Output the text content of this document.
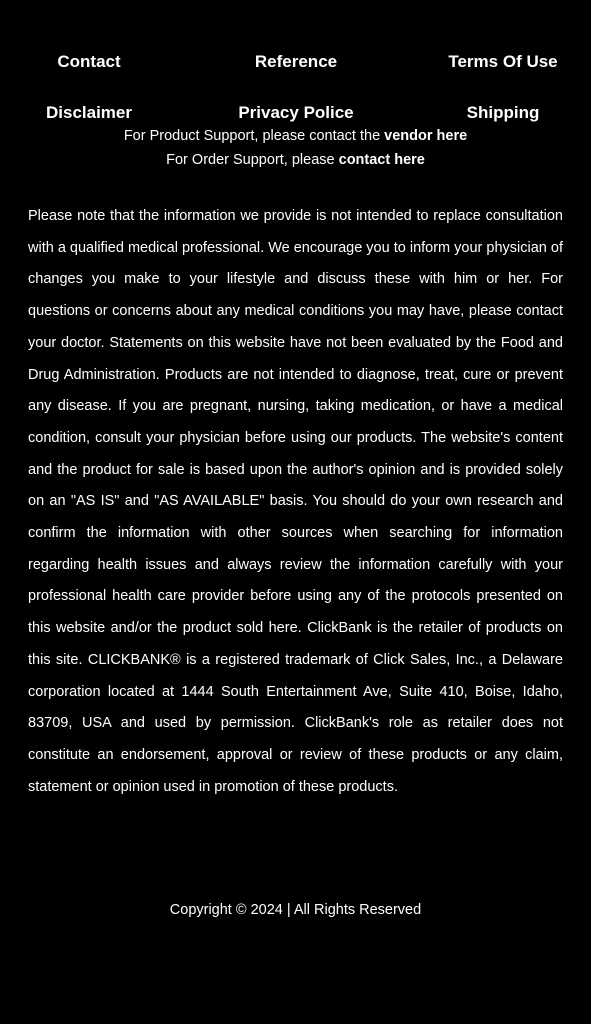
Contact	Reference	Terms Of Use
Disclaimer	Privacy Police	Shipping
For Product Support, please contact the vendor here
For Order Support, please contact here

Please note that the information we provide is not intended to replace consultation with a qualified medical professional. We encourage you to inform your physician of changes you make to your lifestyle and discuss these with him or her. For questions or concerns about any medical conditions you may have, please contact your doctor. Statements on this website have not been evaluated by the Food and Drug Administration. Products are not intended to diagnose, treat, cure or prevent any disease. If you are pregnant, nursing, taking medication, or have a medical condition, consult your physician before using our products. The website's content and the product for sale is based upon the author's opinion and is provided solely on an "AS IS" and "AS AVAILABLE" basis. You should do your own research and confirm the information with other sources when searching for information regarding health issues and always review the information carefully with your professional health care provider before using any of the protocols presented on this website and/or the product sold here. ClickBank is the retailer of products on this site. CLICKBANK® is a registered trademark of Click Sales, Inc., a Delaware corporation located at 1444 South Entertainment Ave, Suite 410, Boise, Idaho, 83709, USA and used by permission. ClickBank's role as retailer does not constitute an endorsement, approval or review of these products or any claim, statement or opinion used in promotion of these products.

Copyright © 2024 | All Rights Reserved
